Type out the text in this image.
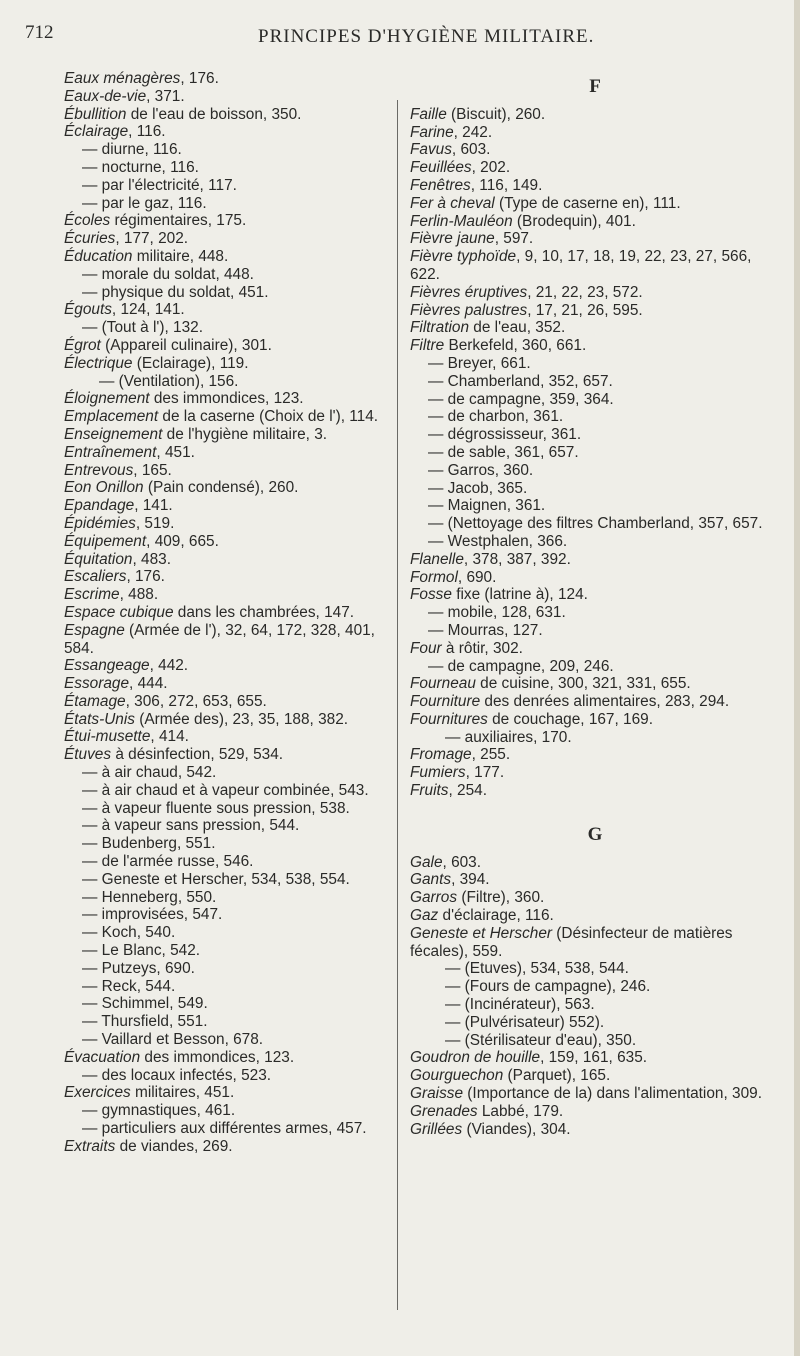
712	PRINCIPES D'HYGIÈNE MILITAIRE.
Eaux ménagères, 176.
Eaux-de-vie, 371.
Ébullition de l'eau de boisson, 350.
Éclairage, 116.
— diurne, 116.
— nocturne, 116.
— par l'électricité, 117.
— par le gaz, 116.
Écoles régimentaires, 175.
Écuries, 177, 202.
Éducation militaire, 448.
— morale du soldat, 448.
— physique du soldat, 451.
Égouts, 124, 141.
— (Tout à l'), 132.
Égrot (Appareil culinaire), 301.
Électrique (Eclairage), 119.
— (Ventilation), 156.
Éloignement des immondices, 123.
Emplacement de la caserne (Choix de l'), 114.
Enseignement de l'hygiène militaire, 3.
Entraînement, 451.
Entrevous, 165.
Eon Onillon (Pain condensé), 260.
Epandage, 141.
Épidémies, 519.
Équipement, 409, 665.
Équitation, 483.
Escaliers, 176.
Escrime, 488.
Espace cubique dans les chambrées, 147.
Espagne (Armée de l'), 32, 64, 172, 328, 401, 584.
Essangeage, 442.
Essorage, 444.
Étamage, 306, 272, 653, 655.
États-Unis (Armée des), 23, 35, 188, 382.
Étui-musette, 414.
Étuves à désinfection, 529, 534.
— à air chaud, 542.
— à air chaud et à vapeur combinée, 543.
— à vapeur fluente sous pression, 538.
— à vapeur sans pression, 544.
— Budenberg, 551.
— de l'armée russe, 546.
— Geneste et Herscher, 534, 538, 554.
— Henneberg, 550.
— improvisées, 547.
— Koch, 540.
— Le Blanc, 542.
— Putzeys, 690.
— Reck, 544.
— Schimmel, 549.
— Thursfield, 551.
— Vaillard et Besson, 678.
Évacuation des immondices, 123.
— des locaux infectés, 523.
Exercices militaires, 451.
— gymnastiques, 461.
— particuliers aux différentes armes, 457.
Extraits de viandes, 269.
F
Faille (Biscuit), 260.
Farine, 242.
Favus, 603.
Feuillées, 202.
Fenêtres, 116, 149.
Fer à cheval (Type de caserne en), 111.
Ferlin-Mauléon (Brodequin), 401.
Fièvre jaune, 597.
Fièvre typhoïde, 9, 10, 17, 18, 19, 22, 23, 27, 566, 622.
Fièvres éruptives, 21, 22, 23, 572.
Fièvres palustres, 17, 21, 26, 595.
Filtration de l'eau, 352.
Filtre Berkefeld, 360, 661.
— Breyer, 661.
— Chamberland, 352, 657.
— de campagne, 359, 364.
— de charbon, 361.
— dégrossisseur, 361.
— de sable, 361, 657.
— Garros, 360.
— Jacob, 365.
— Maignen, 361.
— (Nettoyage des filtres Chamberland, 357, 657.
— Westphalen, 366.
Flanelle, 378, 387, 392.
Formol, 690.
Fosse fixe (latrine à), 124.
— mobile, 128, 631.
— Mourras, 127.
Four à rôtir, 302.
— de campagne, 209, 246.
Fourneau de cuisine, 300, 321, 331, 655.
Fourniture des denrées alimentaires, 283, 294.
Fournitures de couchage, 167, 169.
— auxiliaires, 170.
Fromage, 255.
Fumiers, 177.
Fruits, 254.
G
Gale, 603.
Gants, 394.
Garros (Filtre), 360.
Gaz d'éclairage, 116.
Geneste et Herscher (Désinfecteur de matières fécales), 559.
— (Etuves), 534, 538, 544.
— (Fours de campagne), 246.
— (Incinérateur), 563.
— (Pulvérisateur) 552).
— (Stérilisateur d'eau), 350.
Goudron de houille, 159, 161, 635.
Gourguechon (Parquet), 165.
Graisse (Importance de la) dans l'alimentation, 309.
Grenades Labbé, 179.
Grillées (Viandes), 304.
